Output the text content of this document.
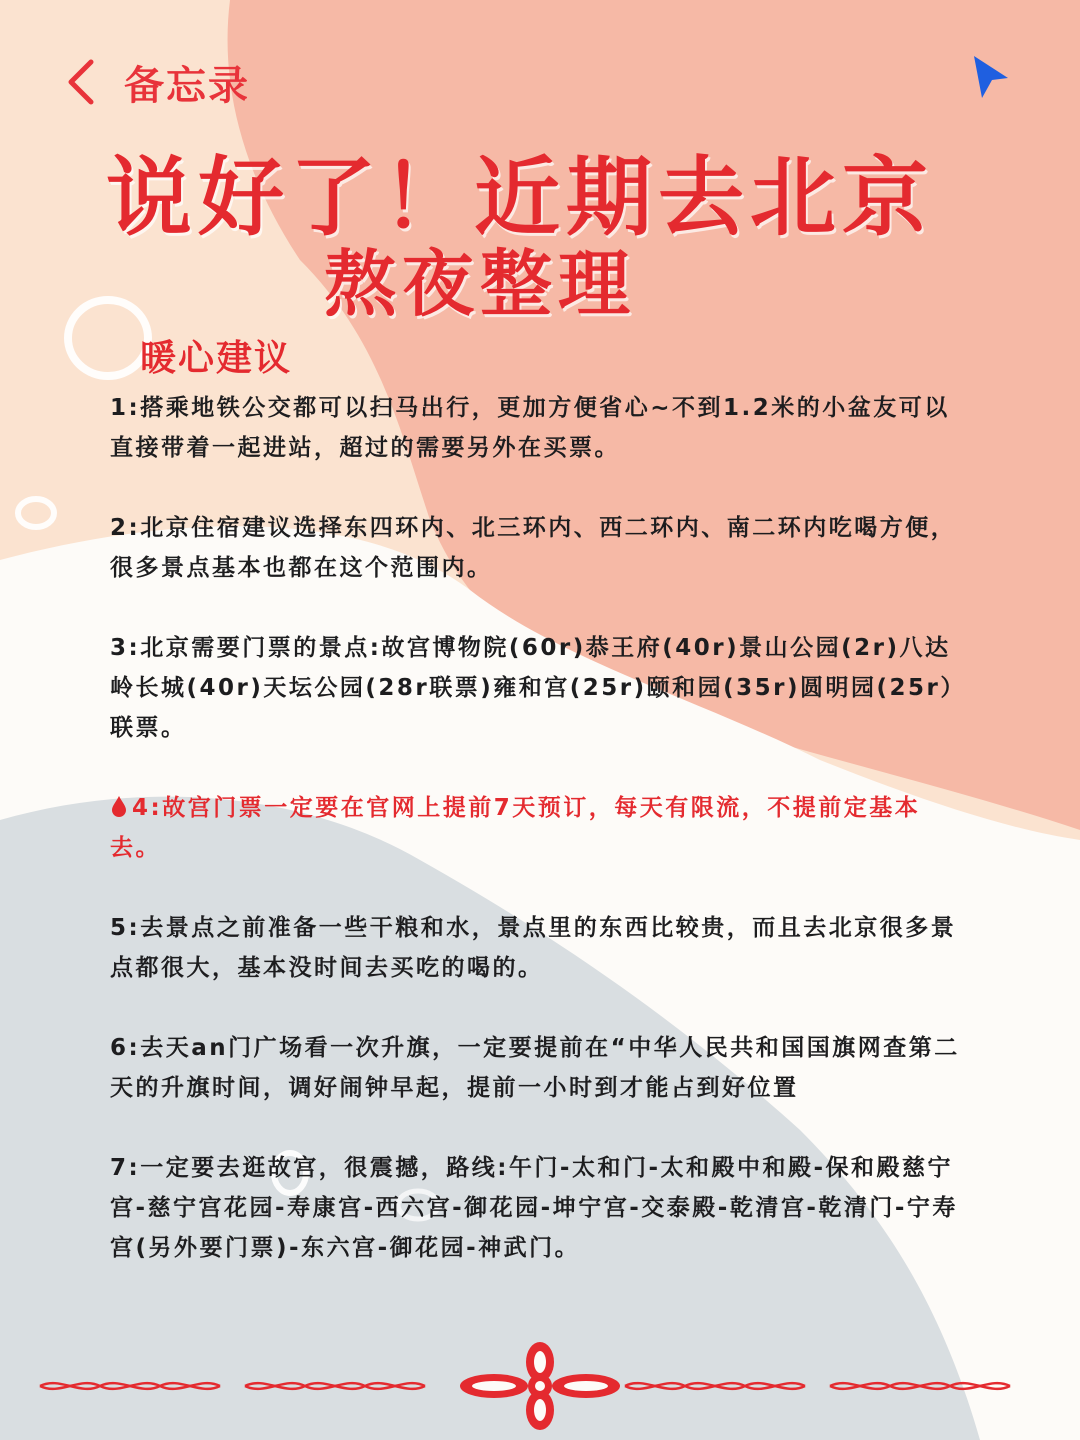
备忘录
说好了！近期去北京
熬夜整理
暖心建议

1:搭乘地铁公交都可以扫马出行，更加方便省心~不到1.2米的小盆友可以直接带着一起进站，超过的需要另外在买票。

2:北京住宿建议选择东四环内、北三环内、西二环内、南二环内吃喝方便，很多景点基本也都在这个范围内。

3:北京需要门票的景点:故宫博物院(60r)恭王府(40r)景山公园(2r)八达岭长城(40r)天坛公园(28r联票)雍和宫(25r)颐和园(35r)圆明园(25r）联票。

4:故宫门票一定要在官网上提前7天预订，每天有限流，不提前定基本去。

5:去景点之前准备一些干粮和水，景点里的东西比较贵，而且去北京很多景点都很大，基本没时间去买吃的喝的。

6:去天an门广场看一次升旗，一定要提前在“中华人民共和国国旗网查第二天的升旗时间，调好闹钟早起，提前一小时到才能占到好位置

7:一定要去逛故宫，很震撼，路线:午门-太和门-太和殿中和殿-保和殿慈宁宫-慈宁宫花园-寿康宫-西六宫-御花园-坤宁宫-交泰殿-乾清宫-乾清门-宁寿宫(另外要门票)-东六宫-御花园-神武门。
